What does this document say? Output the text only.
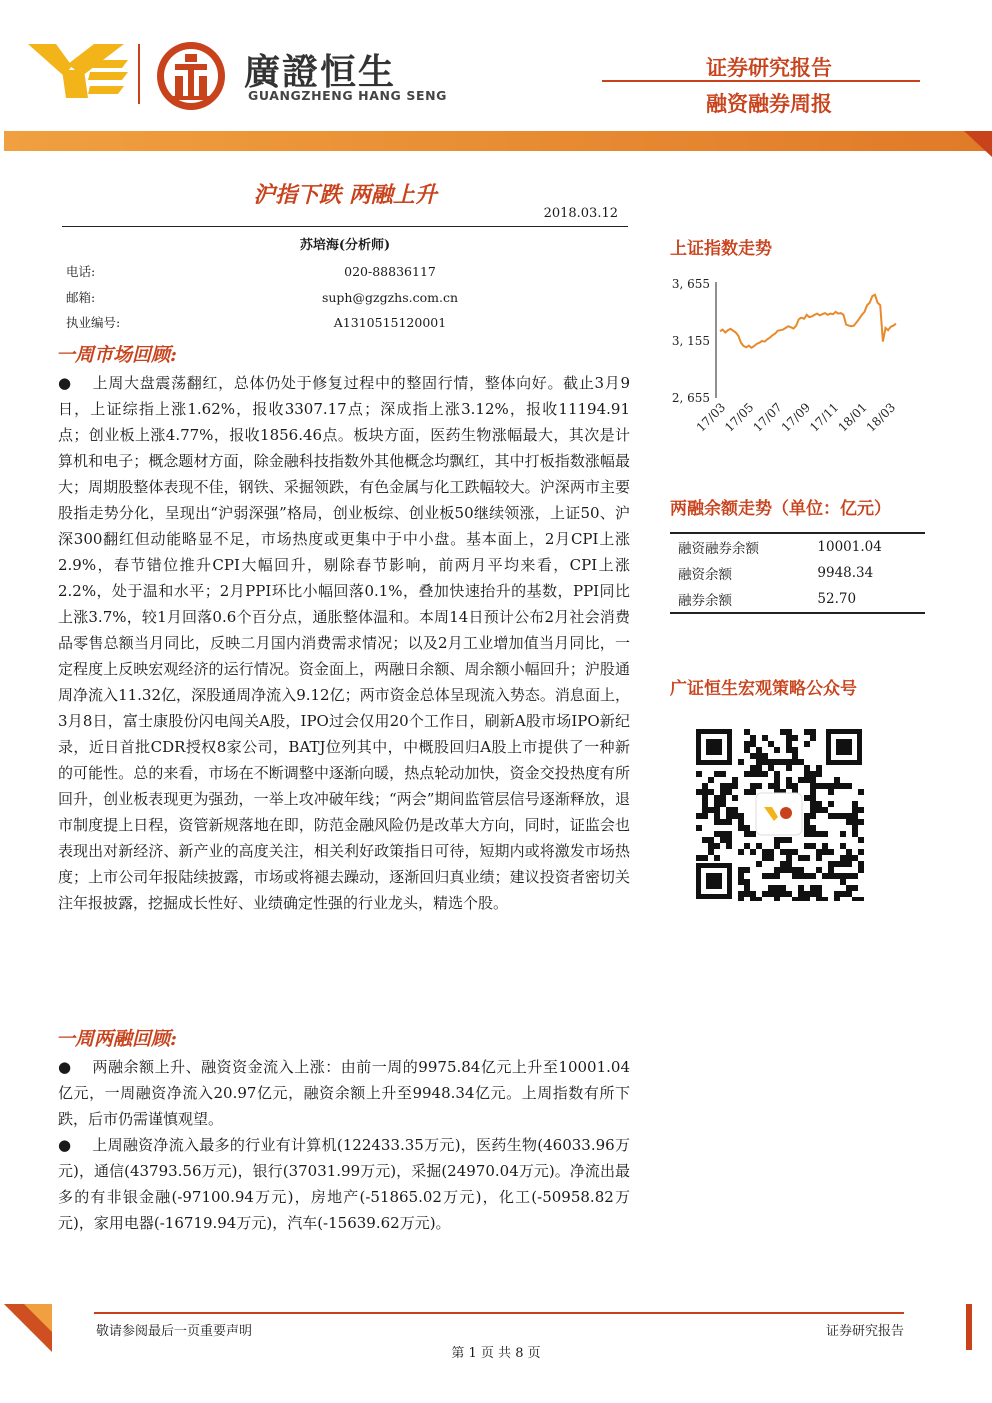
廣證恒生
GUANGZHENG HANG SENG
证券研究报告
融资融券周报
沪指下跌 两融上升
2018.03.12
苏培海(分析师)
电话:	020-88836117
邮箱:	suph@gzgzhs.com.cn
执业编号:	A1310515120001
一周市场回顾:

● 上周大盘震荡翻红，总体仍处于修复过程中的整固行情，整体向好。截止3月9日，上证综指上涨1.62%，报收3307.17点；深成指上涨3.12%，报收11194.91点；创业板上涨4.77%，报收1856.46点。板块方面，医药生物涨幅最大，其次是计算机和电子；概念题材方面，除金融科技指数外其他概念均飘红，其中打板指数涨幅最大；周期股整体表现不佳，钢铁、采掘领跌，有色金属与化工跌幅较大。沪深两市主要股指走势分化，呈现出“沪弱深强”格局，创业板综、创业板50继续领涨，上证50、沪深300翻红但动能略显不足，市场热度或更集中于中小盘。基本面上，2月CPI上涨2.9%，春节错位推升CPI大幅回升，剔除春节影响，前两月平均来看，CPI上涨2.2%，处于温和水平；2月PPI环比小幅回落0.1%，叠加快速抬升的基数，PPI同比上涨3.7%，较1月回落0.6个百分点，通胀整体温和。本周14日预计公布2月社会消费品零售总额当月同比，反映二月国内消费需求情况；以及2月工业增加值当月同比，一定程度上反映宏观经济的运行情况。资金面上，两融日余额、周余额小幅回升；沪股通周净流入11.32亿，深股通周净流入9.12亿；两市资金总体呈现流入势态。消息面上，3月8日，富士康股份闪电闯关A股，IPO过会仅用20个工作日，刷新A股市场IPO新纪录，近日首批CDR授权8家公司，BATJ位列其中，中概股回归A股上市提供了一种新的可能性。总的来看，市场在不断调整中逐渐向暖，热点轮动加快，资金交投热度有所回升，创业板表现更为强劲，一举上攻冲破年线；“两会”期间监管层信号逐渐释放，退市制度提上日程，资管新规落地在即，防范金融风险仍是改革大方向，同时，证监会也表现出对新经济、新产业的高度关注，相关利好政策指日可待，短期内或将激发市场热度；上市公司年报陆续披露，市场或将褪去躁动，逐渐回归真业绩；建议投资者密切关注年报披露，挖掘成长性好、业绩确定性强的行业龙头，精选个股。

一周两融回顾:

● 两融余额上升、融资资金流入上涨：由前一周的9975.84亿元上升至10001.04亿元，一周融资净流入20.97亿元，融资余额上升至9948.34亿元。上周指数有所下跌，后市仍需谨慎观望。

● 上周融资净流入最多的行业有计算机(122433.35万元)，医药生物(46033.96万元)，通信(43793.56万元)，银行(37031.99万元)，采掘(24970.04万元)。净流出最多的有非银金融(-97100.94万元)，房地产(-51865.02万元)，化工(-50958.82万元)，家用电器(-16719.94万元)，汽车(-15639.62万元)。

上证指数走势
3, 655
3, 155
2, 655
17/03
17/05
17/07
17/09
17/11
18/01
18/03
两融余额走势（单位：亿元）
融资融券余额	10001.04
融资余额	9948.34
融券余额	52.70
广证恒生宏观策略公众号
敬请参阅最后一页重要声明	证券研究报告
第 1 页 共 8 页
